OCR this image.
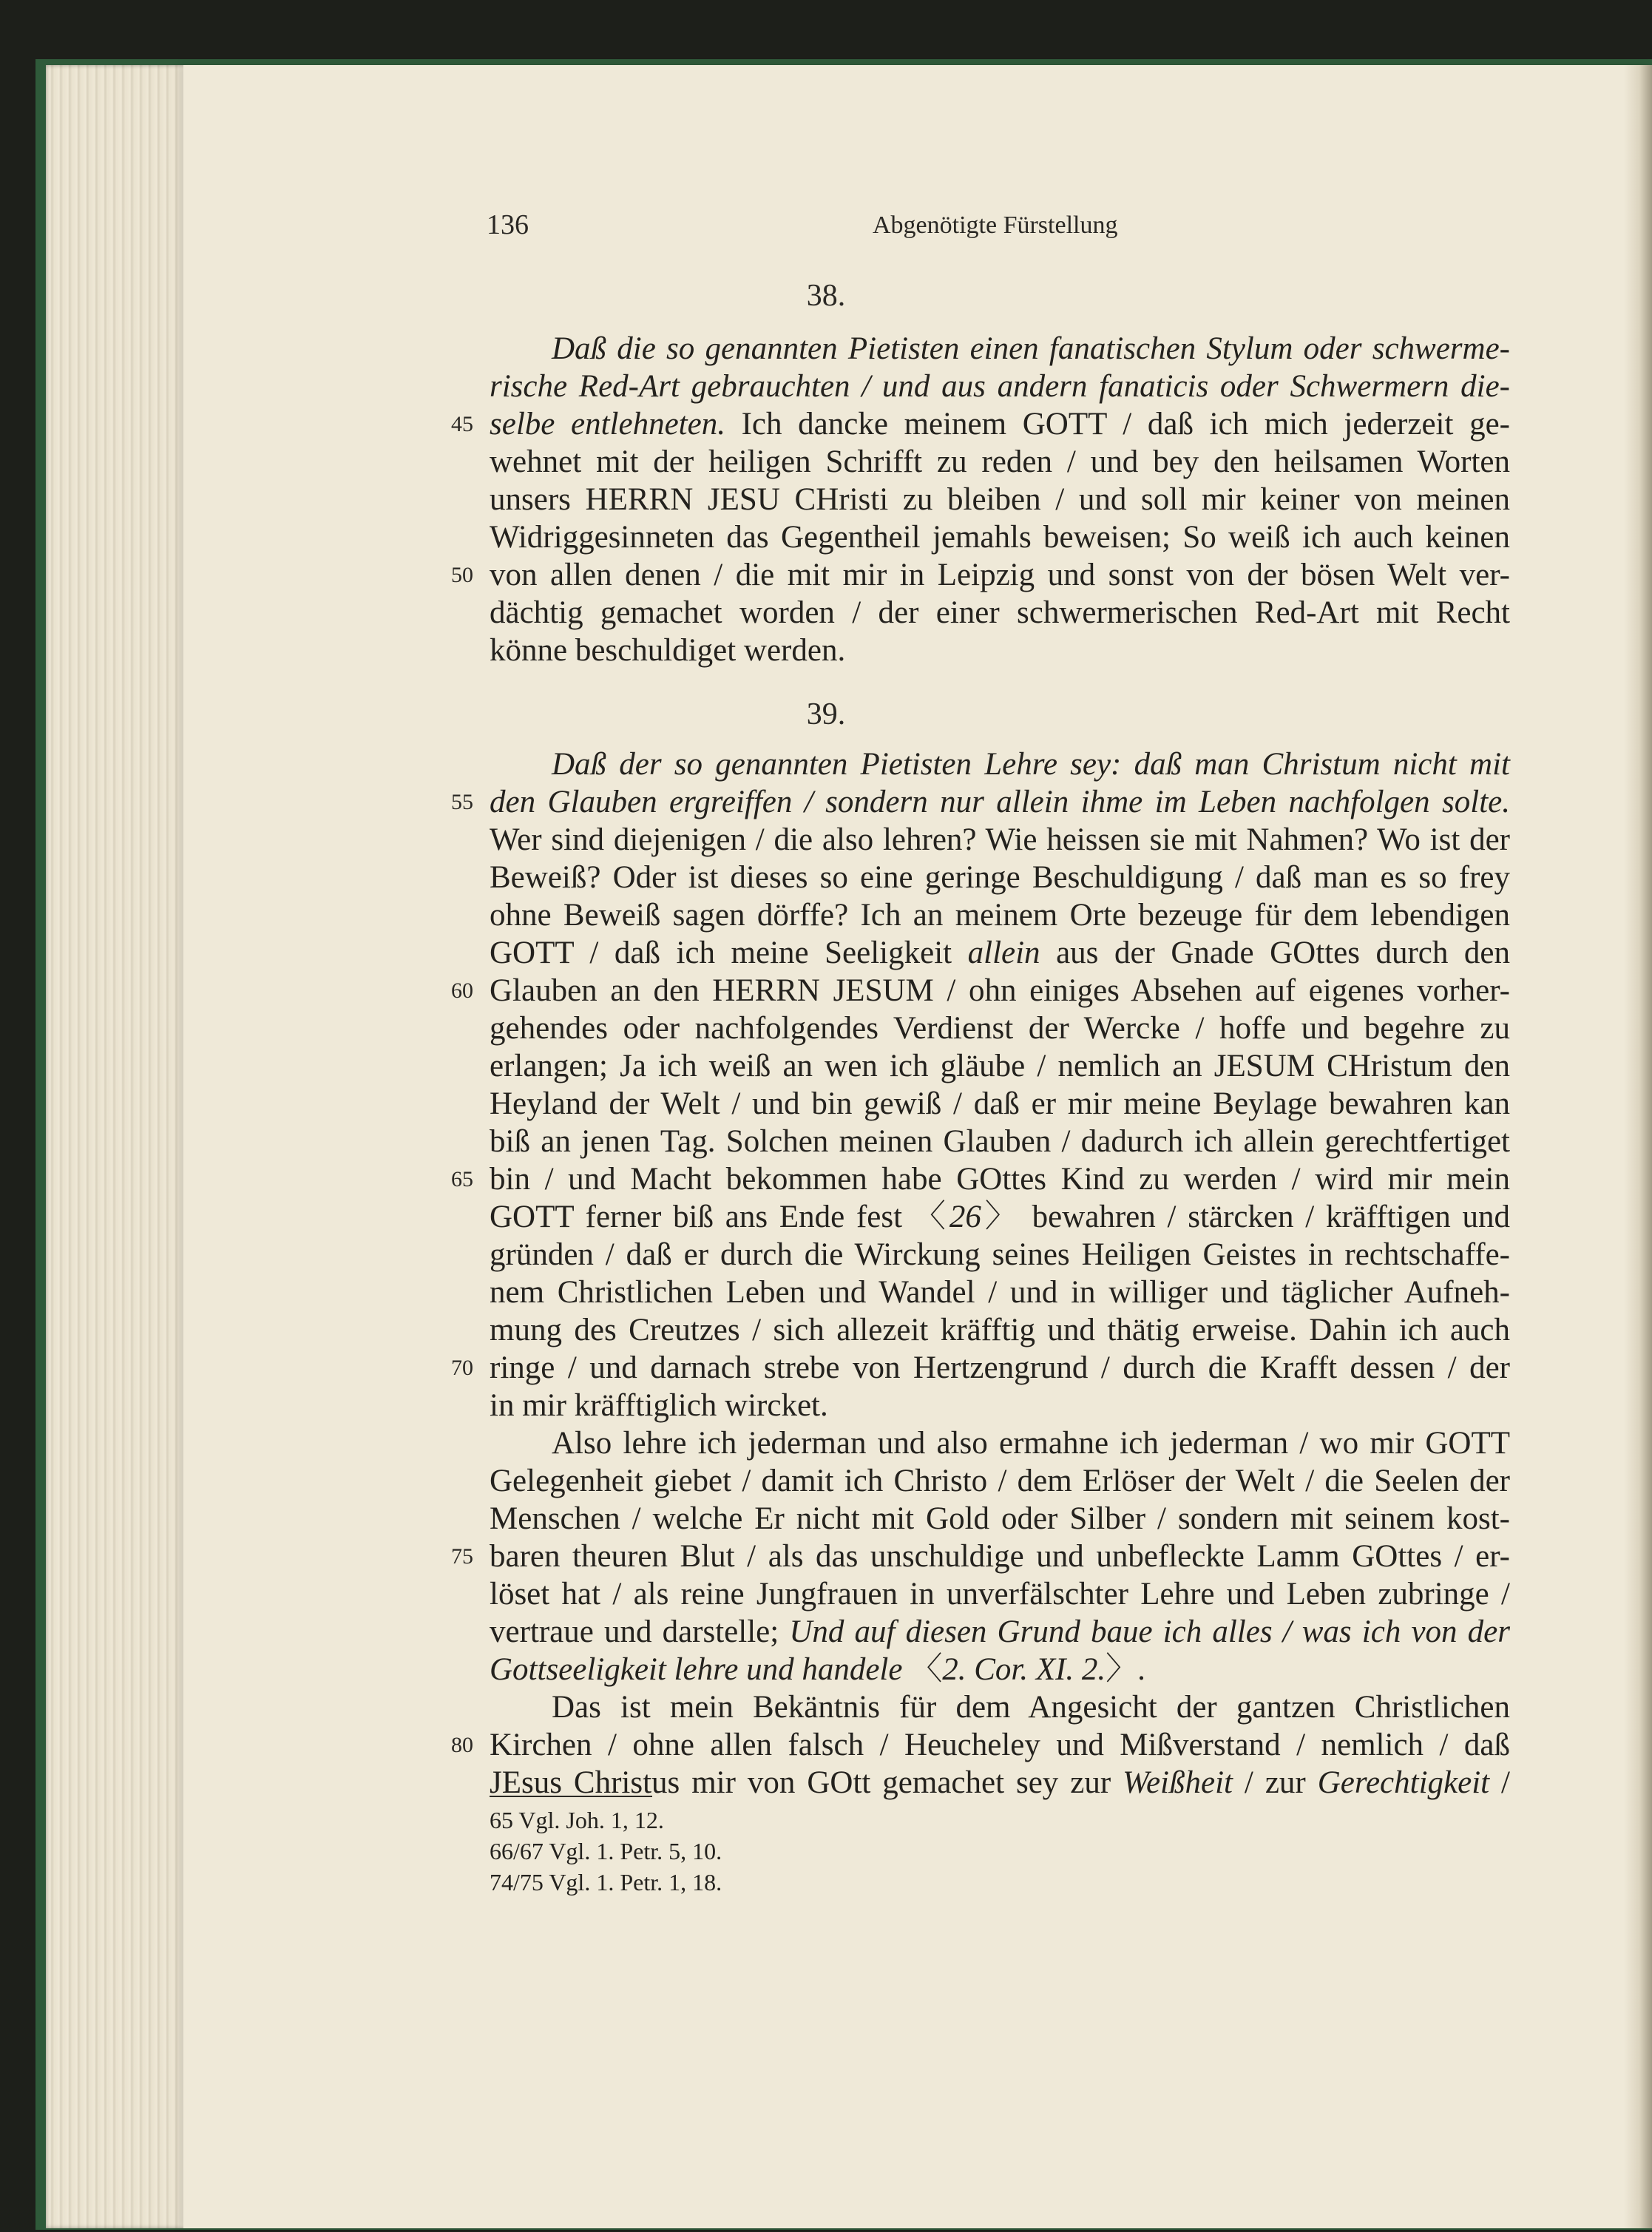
136	Abgenötigte Fürstellung
38.
Daß die so genannten Pietisten einen fanatischen Stylum oder schwerme-
rische Red-Art gebrauchten / und aus andern fanaticis oder Schwermern die-
selbe entlehneten. Ich dancke meinem GOTT / daß ich mich jederzeit ge-
wehnet mit der heiligen Schrifft zu reden / und bey den heilsamen Worten
unsers HERRN JESU CHristi zu bleiben / und soll mir keiner von meinen
Widriggesinneten das Gegentheil jemahls beweisen; So weiß ich auch keinen
von allen denen / die mit mir in Leipzig und sonst von der bösen Welt ver-
dächtig gemachet worden / der einer schwermerischen Red-Art mit Recht
könne beschuldiget werden.
39.
Daß der so genannten Pietisten Lehre sey: daß man Christum nicht mit
den Glauben ergreiffen / sondern nur allein ihme im Leben nachfolgen solte.
Wer sind diejenigen / die also lehren? Wie heissen sie mit Nahmen? Wo ist der
Beweiß? Oder ist dieses so eine geringe Beschuldigung / daß man es so frey
ohne Beweiß sagen dörffe? Ich an meinem Orte bezeuge für dem lebendigen
GOTT / daß ich meine Seeligkeit allein aus der Gnade GOttes durch den
Glauben an den HERRN JESUM / ohn einiges Absehen auf eigenes vorher-
gehendes oder nachfolgendes Verdienst der Wercke / hoffe und begehre zu
erlangen; Ja ich weiß an wen ich gläube / nemlich an JESUM CHristum den
Heyland der Welt / und bin gewiß / daß er mir meine Beylage bewahren kan
biß an jenen Tag. Solchen meinen Glauben / dadurch ich allein gerechtfertiget
bin / und Macht bekommen habe GOttes Kind zu werden / wird mir mein
GOTT ferner biß ans Ende fest 〈26〉 bewahren / stärcken / kräfftigen und
gründen / daß er durch die Wirckung seines Heiligen Geistes in rechtschaffe-
nem Christlichen Leben und Wandel / und in williger und täglicher Aufneh-
mung des Creutzes / sich allezeit kräfftig und thätig erweise. Dahin ich auch
ringe / und darnach strebe von Hertzengrund / durch die Krafft dessen / der
in mir kräfftiglich wircket.
Also lehre ich jederman und also ermahne ich jederman / wo mir GOTT
Gelegenheit giebet / damit ich Christo / dem Erlöser der Welt / die Seelen der
Menschen / welche Er nicht mit Gold oder Silber / sondern mit seinem kost-
baren theuren Blut / als das unschuldige und unbefleckte Lamm GOttes / er-
löset hat / als reine Jungfrauen in unverfälschter Lehre und Leben zubringe /
vertraue und darstelle; Und auf diesen Grund baue ich alles / was ich von der
Gottseeligkeit lehre und handele 〈2. Cor. XI. 2.〉.
Das ist mein Bekäntnis für dem Angesicht der gantzen Christlichen
Kirchen / ohne allen falsch / Heucheley und Mißverstand / nemlich / daß
JEsus Christus mir von GOtt gemachet sey zur Weißheit / zur Gerechtigkeit /
45
50
55
60
65
70
75
80
65 Vgl. Joh. 1, 12.
66/67 Vgl. 1. Petr. 5, 10.
74/75 Vgl. 1. Petr. 1, 18.
